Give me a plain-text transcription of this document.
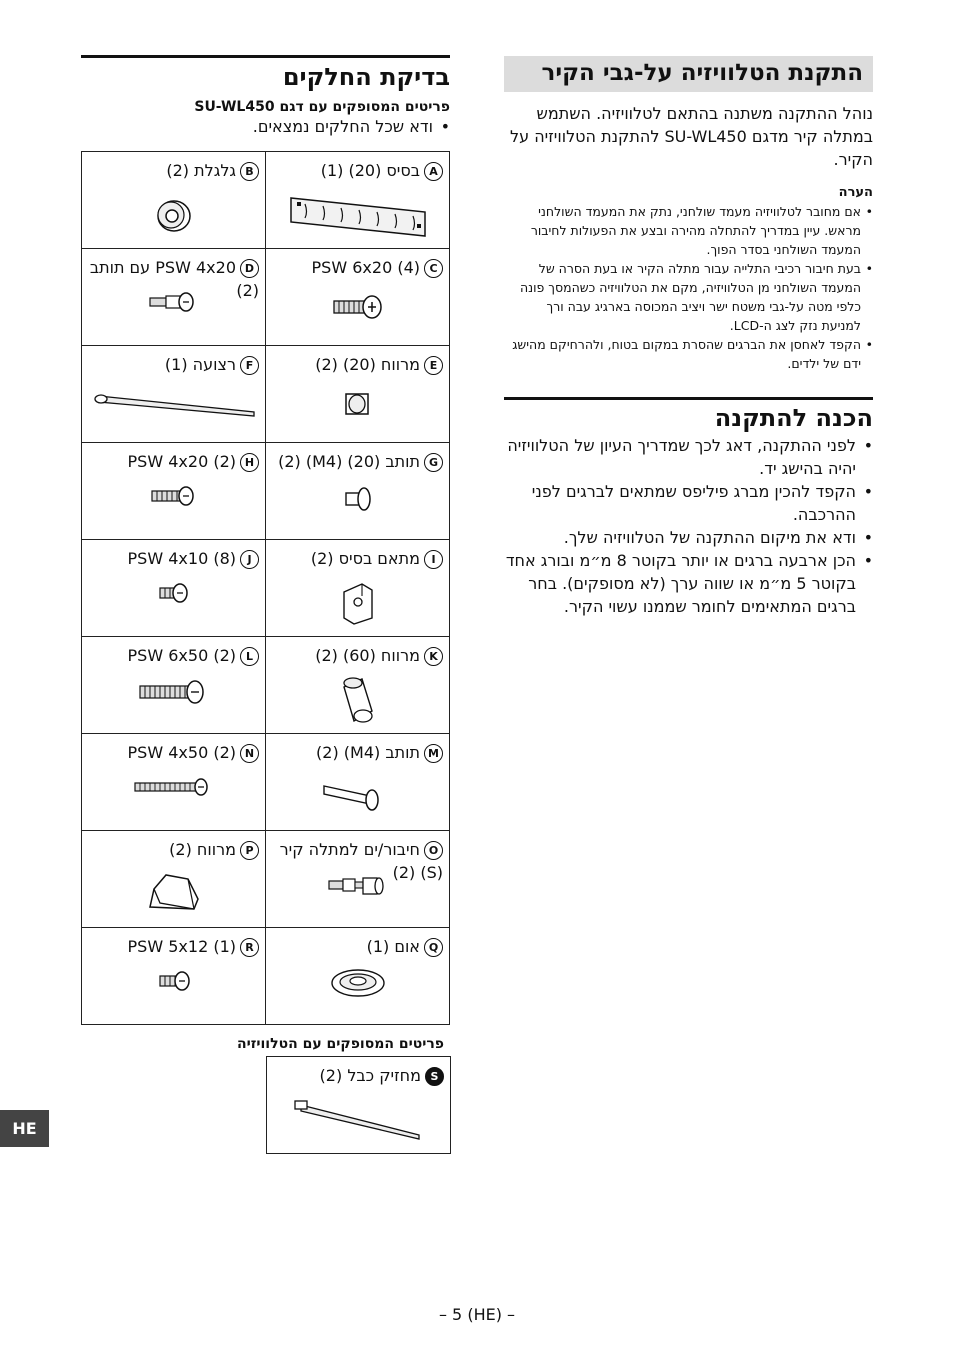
התקנת הטלוויזיה על-גבי הקיר
נוהל ההתקנה משתנה בהתאם לטלוויזיה. השתמש במתלה קיר מדגם SU-WL450 להתקנת הטלוויזיה על הקיר.
הערה
• אם מחובר לטלוויזיה מעמד שולחני, נתק את המעמד השולחני מראש. עיין במדריך להתחלה מהירה ובצע את הפעולות לחיבור המעמד השולחני בסדר הפוך.
• בעת חיבור רכיבי התלייה עבור מתלה הקיר או בעת הסרה של המעמד השולחני מן הטלוויזיה, מקם את הטלוויזיה כשהמסך פונה כלפי מטה על-גבי משטח ישר ויציב המכוסה בארגיג עבה ורך למניעת נזק לצג ה-LCD.
• הקפד לאחסן את הברגים שהסרת במקום בטוח, ולהרחיקם מהישג ידם של ילדים.
הכנה להתקנה
• לפני ההתקנה, דאג לכך שמדריך העיון של הטלוויזיה יהיה בהישג יד.
• הקפד להכין מברג פיליפס שמתאים לברגים לפני ההרכבה.
• ודא את מיקום ההתקנה של הטלוויזיה שלך.
• הכן ארבעה ברגים או יותר בקוטר 8 מ״מ ובורג אחד בקוטר 5 מ״מ או שווה ערך (לא מסופקים). בחר ברגים המתאימים לחומר שממנו עשוי הקיר.
בדיקת החלקים
פריטים המסופקים עם דגם SU-WL450
• ודא שכל החלקים נמצאים.
Aבסיס (20) (1)	Bגלגלת (2)

CPSW 6x20 (4)	DPSW 4x20 עם תותב (2)

Eמרווח (20) (2)	Fרצועה (1)

Gתותב (20) (M4) (2)	HPSW 4x20 (2)

Iמתאם בסיס (2)	JPSW 4x10 (8)

Kמרווח (60) (2)	LPSW 6x50 (2)

Mתותב (M4) (2)	NPSW 4x50 (2)

Oחיבור/ים למתלה קיר (S) (2)	Pמרווח (2)

Qאום (1)	RPSW 5x12 (1)
פריטים המסופקים עם הטלוויזיה
Sמחזיק כבל (2)
HE
– 5 (HE) –
